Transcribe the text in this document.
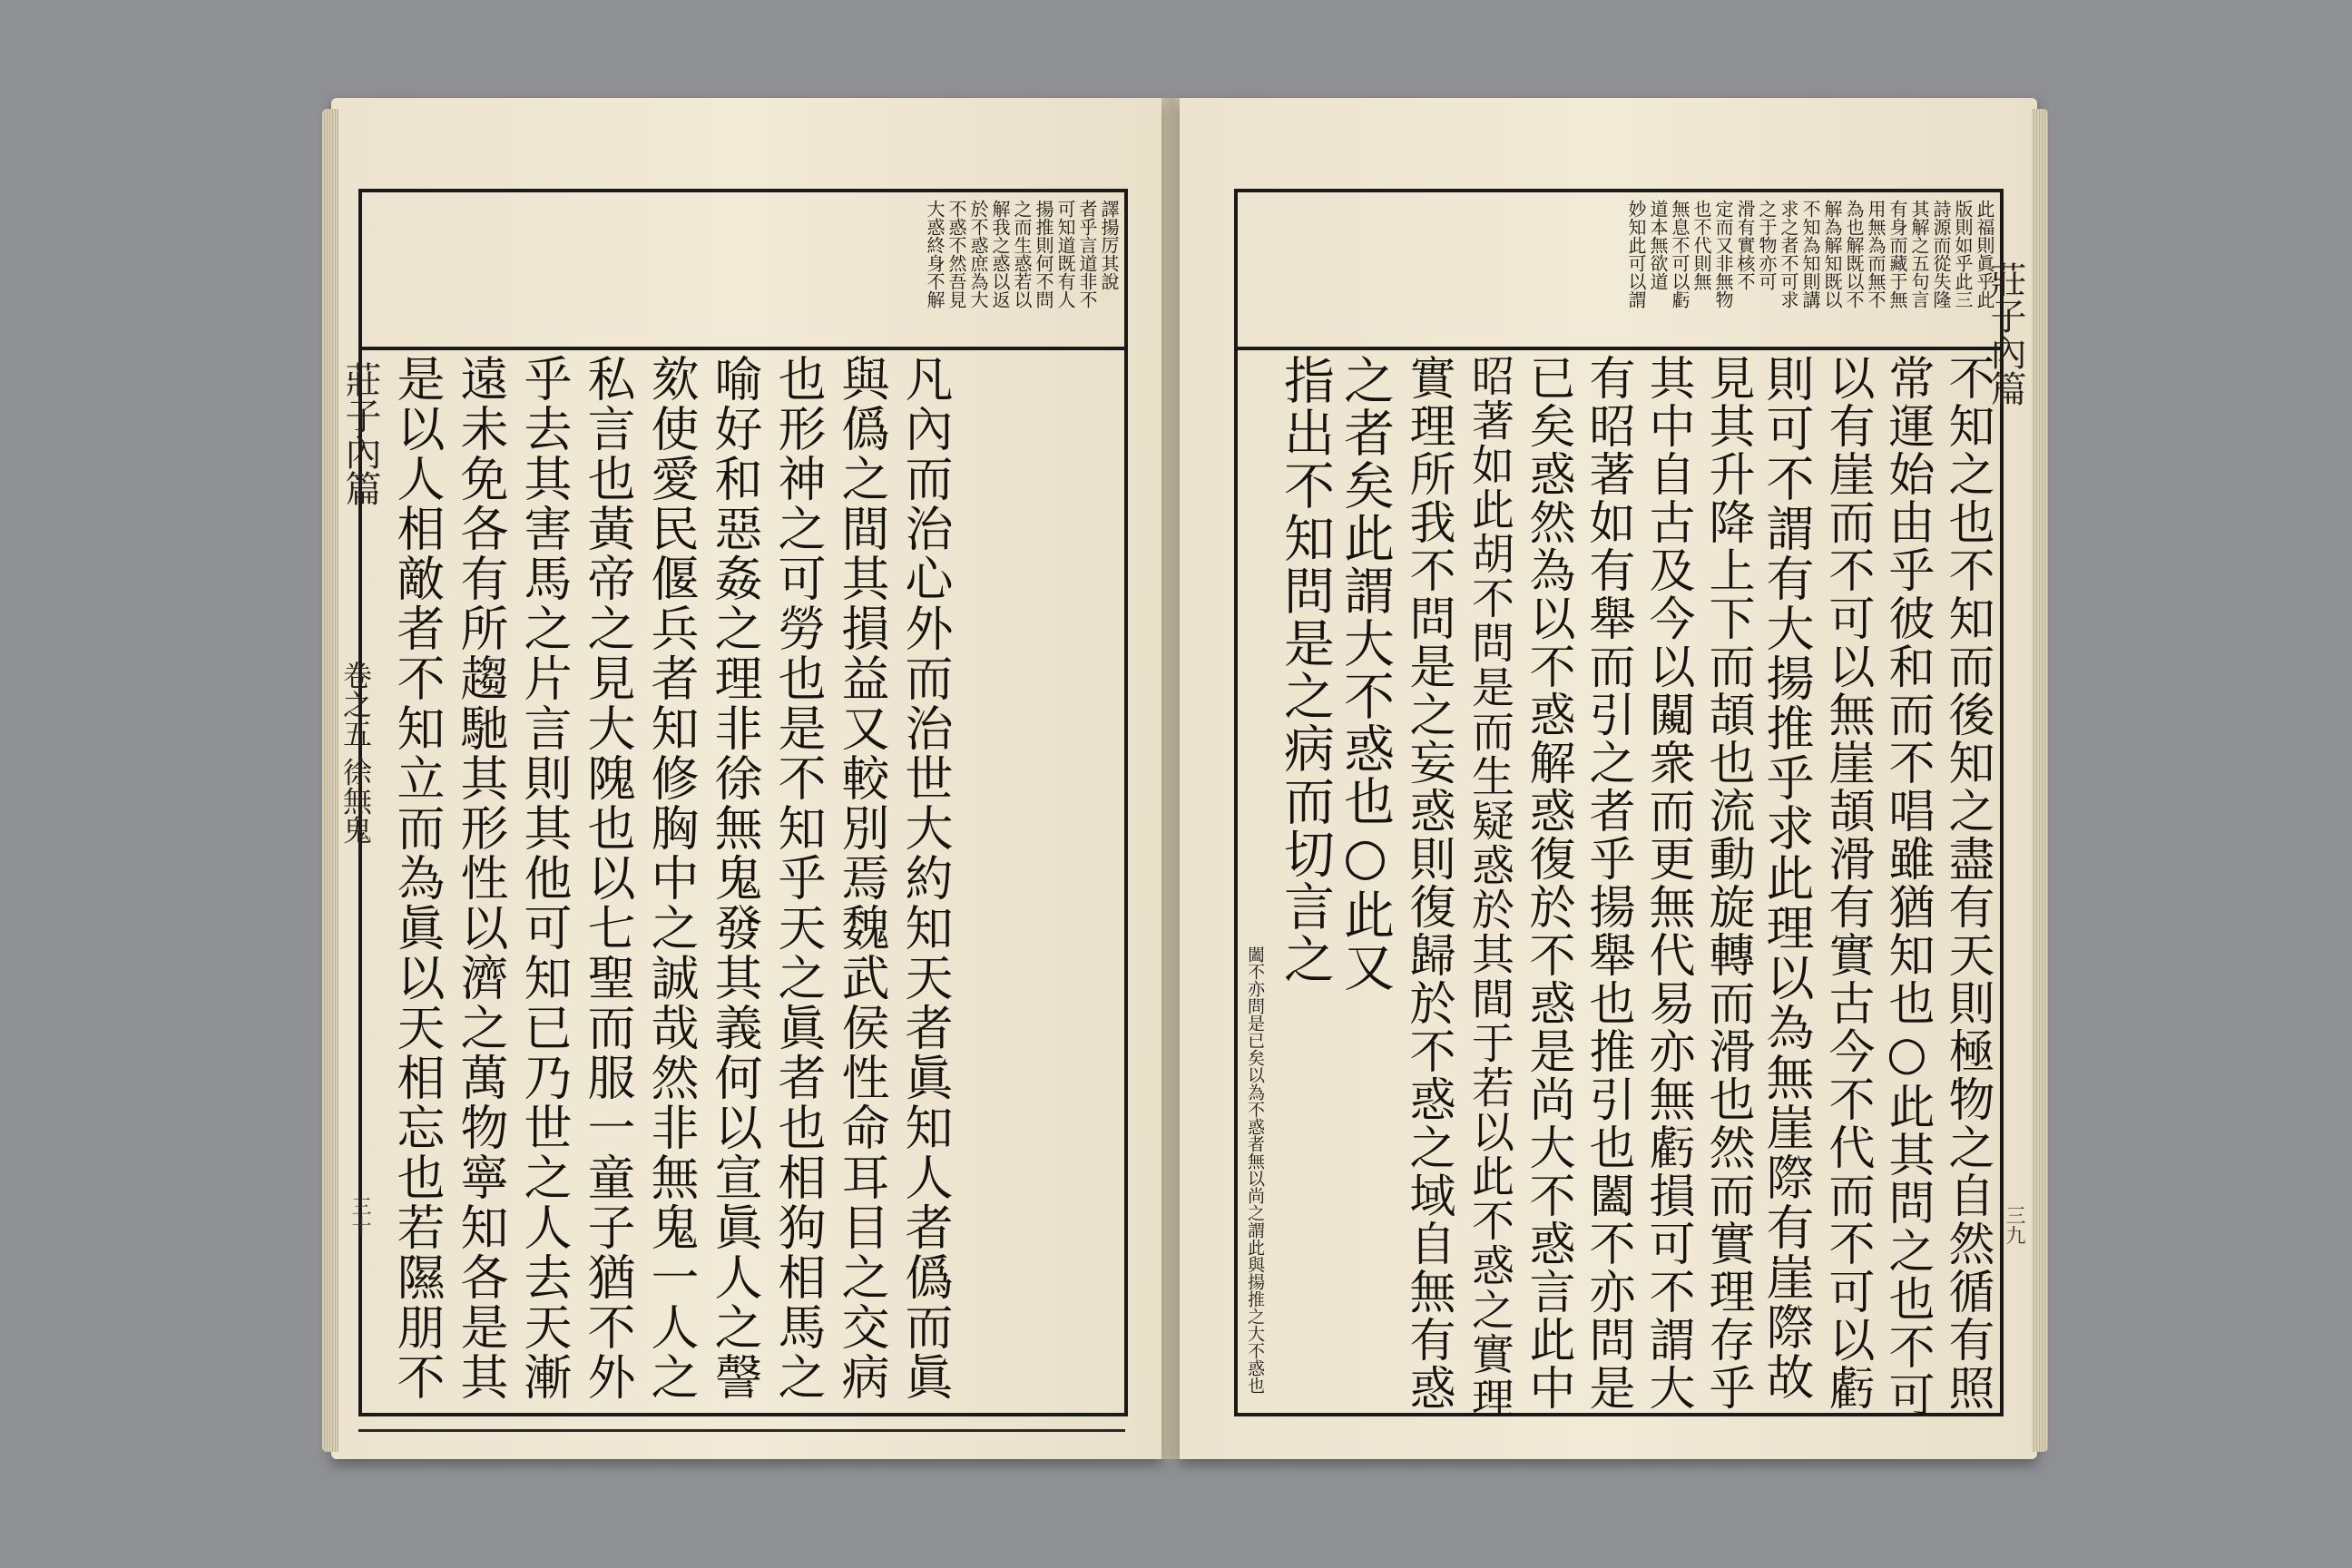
譯揚厉其說
者乎言道非不
可知道既有人
揚推則何不問
之而生惑若以
解我之惑以返
於不惑庶為大
不惑不然吾見
大惑終身不解
凡內而治心外而治世大約知天者眞知人者僞而眞
與僞之間其損益又較別焉魏武侯性命耳目之交病
也形神之可勞也是不知乎天之眞者也相狗相馬之
喻好和惡姦之理非徐無鬼發其義何以宣眞人之謦
欬使愛民偃兵者知修胸中之誠哉然非無鬼一人之
私言也黃帝之見大隗也以七聖而服一童子猶不外
乎去其害馬之片言則其他可知已乃世之人去天漸
遠未免各有所趨馳其形性以濟之萬物寧知各是其
是以人相敵者不知立而為眞以天相忘也若隰朋不
莊子內篇
卷之五 徐無鬼
三十
此福則眞乎此
版則如乎此三
詩源而從失隆
其解之五句言
有身而藏于無
用無為而無不
為也解既以不
解為解知既以
不知為知則講
求之者不可求
之于物亦可
滑有實核不
定而又非無物
也不代則無
無息不可以虧
道本無欲道
妙知此可以謂
闔不亦問是已矣以為不惑者無以尚之謂此與揚推之大不惑也	不知之也不知而後知之盡有天則極物之自然循有照
常運始由乎彼和而不唱雖猶知也○此其問之也不可
以有崖而不可以無崖頡滑有實古今不代而不可以虧
則可不謂有大揚推乎求此理以為無崖際有崖際故
見其升降上下而頡也流動旋轉而滑也然而實理存乎
其中自古及今以闚衆而更無代易亦無虧損可不謂大
有昭著如有舉而引之者乎揚舉也推引也闔不亦問是
已矣惑然為以不惑解惑復於不惑是尚大不惑言此中
昭著如此胡不問是而生疑惑於其間于若以此不惑之實理
實理所我不問是之妄惑則復歸於不惑之域自無有惑
之者矣此謂大不惑也○此又
指出不知問是之病而切言之
莊子內篇
三九
